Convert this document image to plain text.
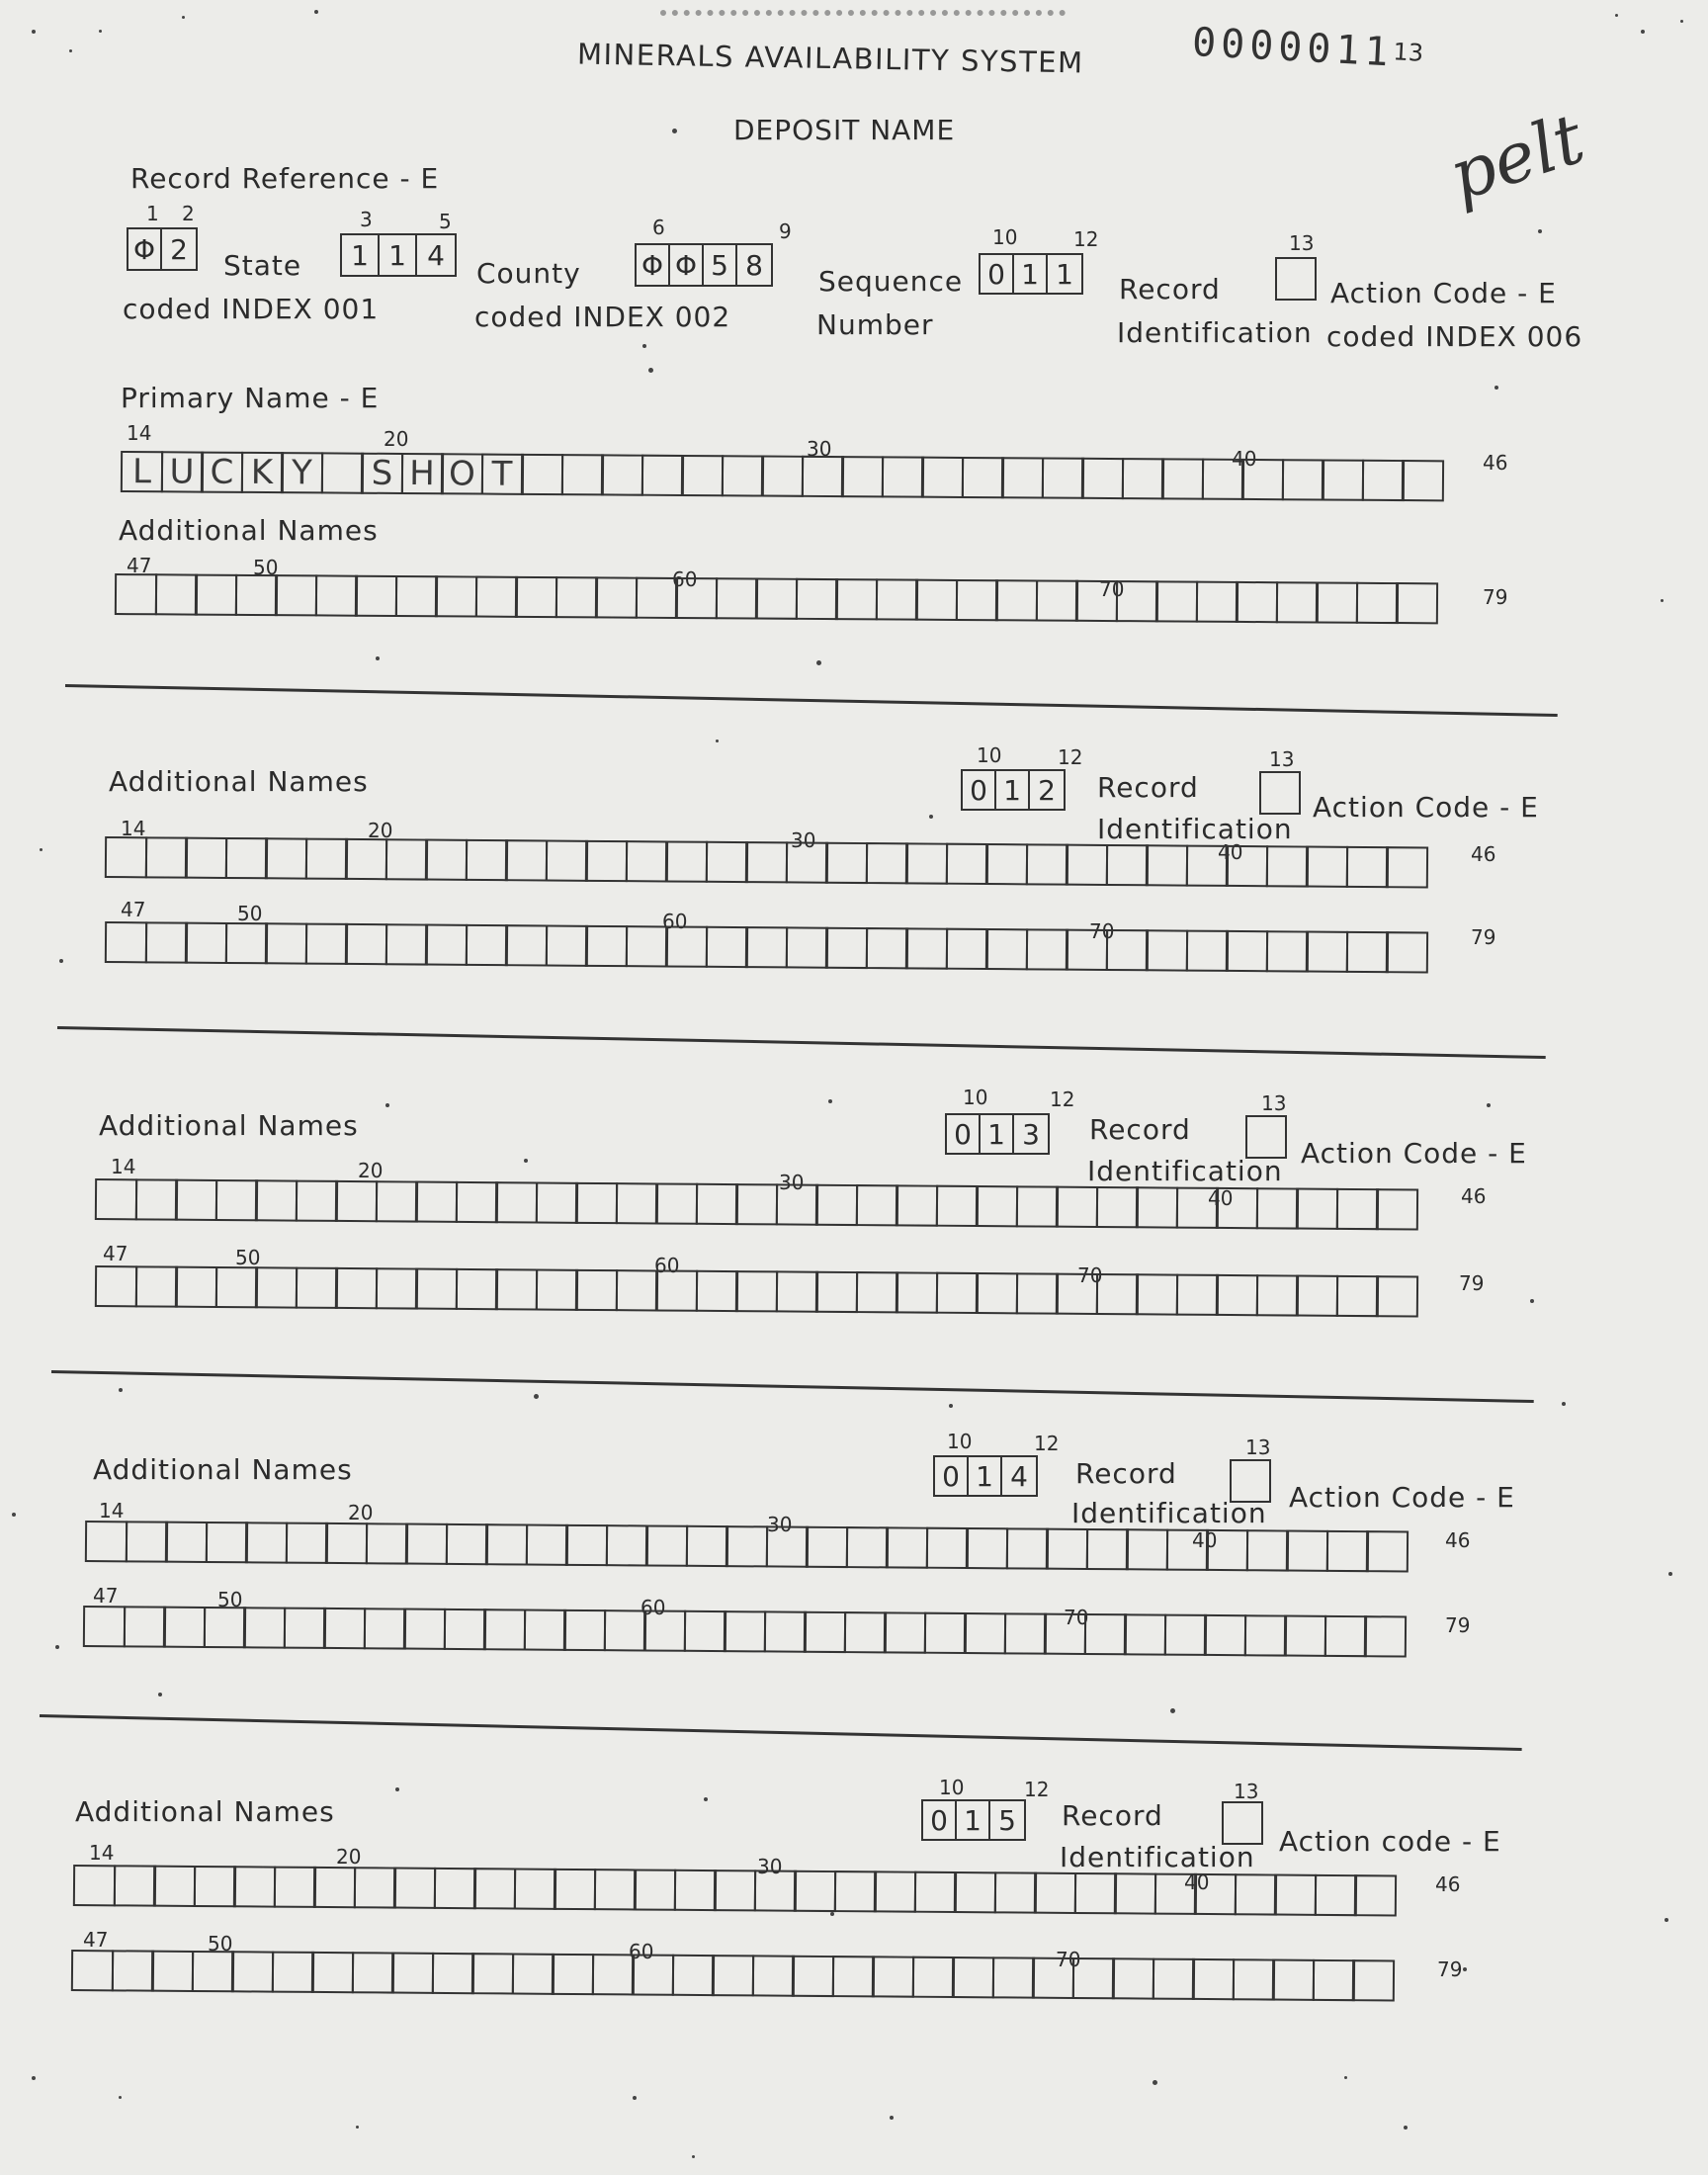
MINERALS AVAILABILITY SYSTEM
DEPOSIT NAME
0000011$^{13}$
pelt
Record Reference - E
1 2
Φ 2 State
coded INDEX 001
3	5
1 1 4
County
coded INDEX 002
6	9
Φ Φ 5 8 Sequence
Number
10	12
0 1 1 Record
Identification
13
Action Code - E
coded INDEX 006
Primary Name - E
14	20	30	40	46
L U C K Y	S H O T
Additional Names
47	50	60	70	79
Additional Names
10	12
0 1 2 Record
Identification
13
Action Code - E
14	20	30	40	46
47	50	60	70	79
Additional Names
10	12
0 1 3 Record
Identification
13
Action Code - E
14	20	30
40	46
47	50	60	70	79
Additional Names
10	12
0 1 4 Record
Identification
13
Action Code - E
14	20	30
40	46
47	50	60	70	79
Additional Names
10	12
0 1 5 Record
Identification
13
Action code - E
14	20	30
40	46
47	50	60	70	79
